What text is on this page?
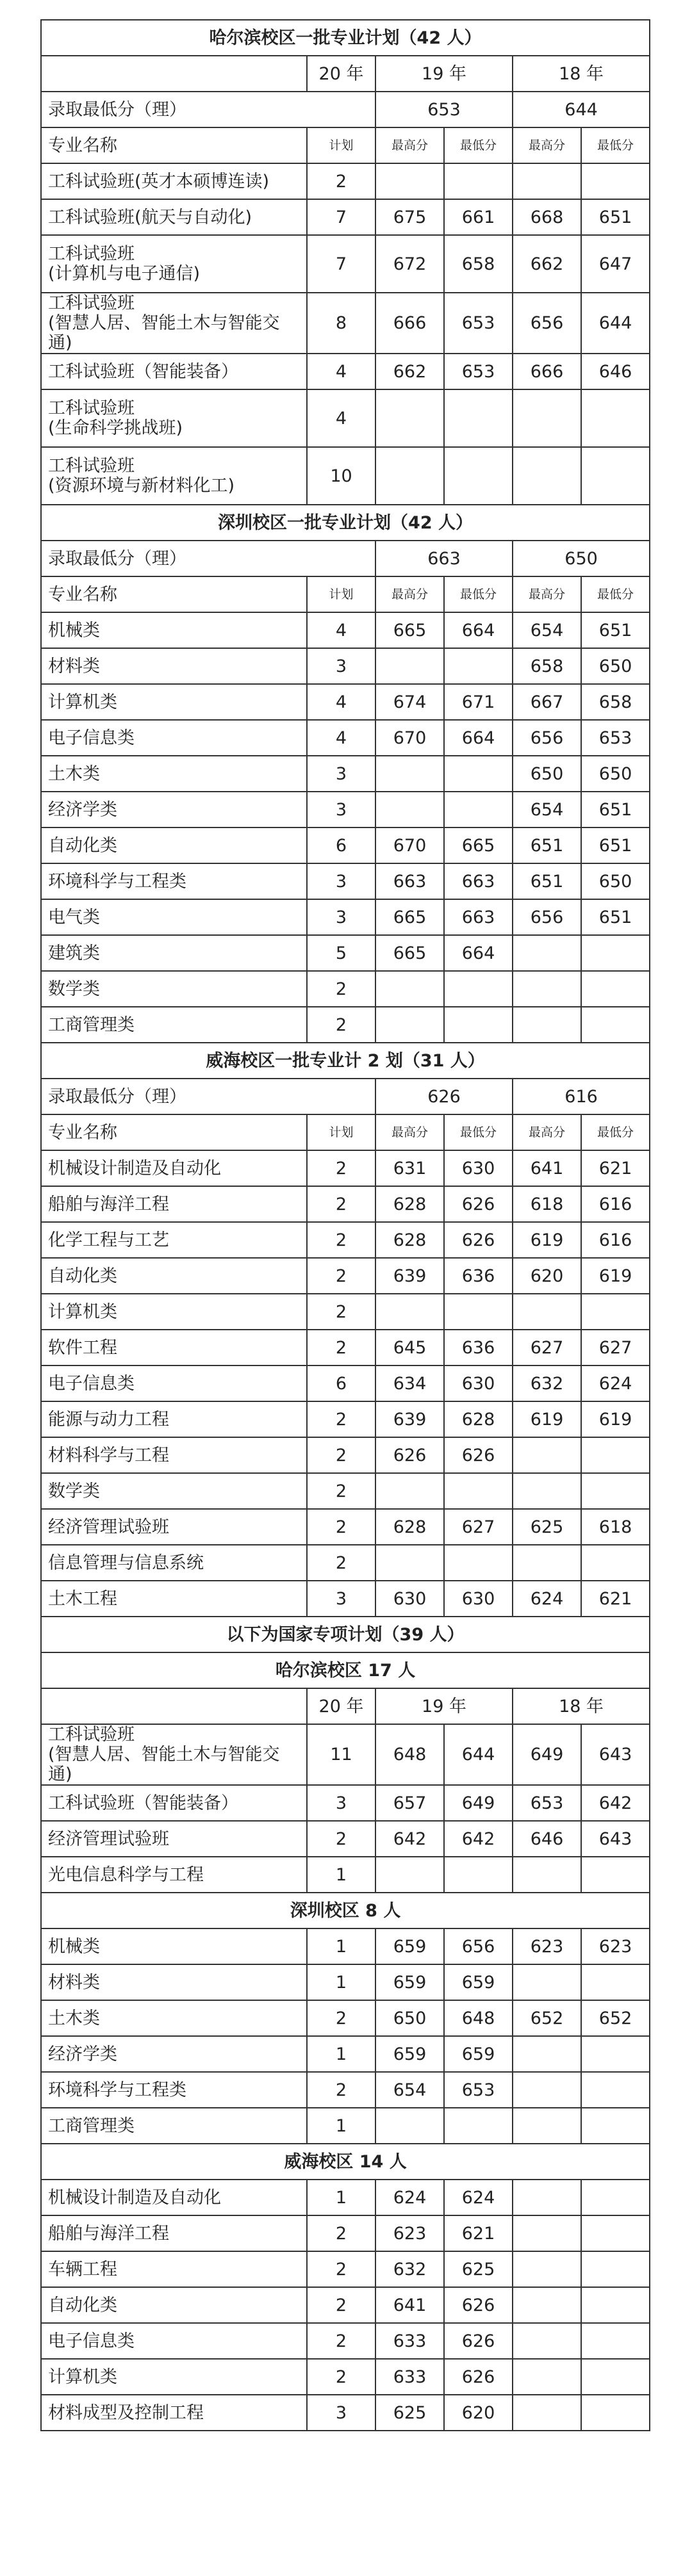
哈尔滨校区一批专业计划（42 人）					
	20 年	19 年		18 年	
录取最低分（理）		653		644	
专业名称	计划	最高分	最低分	最高分	最低分
工科试验班(英才本硕博连读)	2				
工科试验班(航天与自动化)	7	675	661	668	651
工科试验班
(计算机与电子通信)	7	672	658	662	647
工科试验班
(智慧人居、智能土木与智能交通)	8	666	653	656	644
工科试验班（智能装备）	4	662	653	666	646
工科试验班
(生命科学挑战班)	4				
工科试验班
(资源环境与新材料化工)	10				
深圳校区一批专业计划（42 人）					
录取最低分（理）		663		650	
专业名称	计划	最高分	最低分	最高分	最低分
机械类	4	665	664	654	651
材料类	3			658	650
计算机类	4	674	671	667	658
电子信息类	4	670	664	656	653
土木类	3			650	650
经济学类	3			654	651
自动化类	6	670	665	651	651
环境科学与工程类	3	663	663	651	650
电气类	3	665	663	656	651
建筑类	5	665	664		
数学类	2				
工商管理类	2				
威海校区一批专业计 2 划（31 人）					
录取最低分（理）		626		616	
专业名称	计划	最高分	最低分	最高分	最低分
机械设计制造及自动化	2	631	630	641	621
船舶与海洋工程	2	628	626	618	616
化学工程与工艺	2	628	626	619	616
自动化类	2	639	636	620	619
计算机类	2				
软件工程	2	645	636	627	627
电子信息类	6	634	630	632	624
能源与动力工程	2	639	628	619	619
材料科学与工程	2	626	626		
数学类	2				
经济管理试验班	2	628	627	625	618
信息管理与信息系统	2				
土木工程	3	630	630	624	621
以下为国家专项计划（39 人）					
哈尔滨校区 17 人					
	20 年	19 年		18 年	
工科试验班
(智慧人居、智能土木与智能交通)	11	648	644	649	643
工科试验班（智能装备）	3	657	649	653	642
经济管理试验班	2	642	642	646	643
光电信息科学与工程	1				
深圳校区 8 人					
机械类	1	659	656	623	623
材料类	1	659	659		
土木类	2	650	648	652	652
经济学类	1	659	659		
环境科学与工程类	2	654	653		
工商管理类	1				
威海校区 14 人					
机械设计制造及自动化	1	624	624		
船舶与海洋工程	2	623	621		
车辆工程	2	632	625		
自动化类	2	641	626		
电子信息类	2	633	626		
计算机类	2	633	626		
材料成型及控制工程	3	625	620		
